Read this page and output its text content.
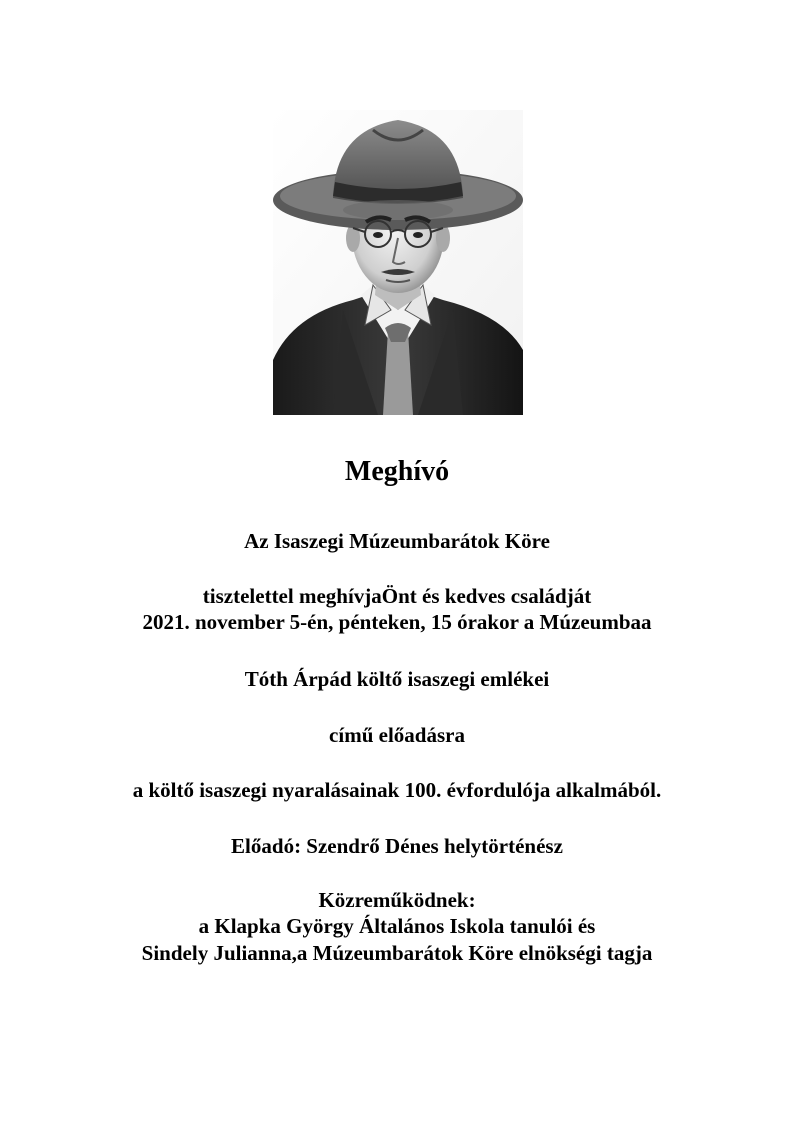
Meghívó
Az Isaszegi Múzeumbarátok Köre
tisztelettel meghívjaÖnt és kedves családját
2021. november 5-én, pénteken, 15 órakor a Múzeumbaa
Tóth Árpád költő isaszegi emlékei
című előadásra
a költő isaszegi nyaralásainak 100. évfordulója alkalmából.
Előadó: Szendrő Dénes helytörténész
Közreműködnek:
a Klapka György Általános Iskola tanulói és
Sindely Julianna,a Múzeumbarátok Köre elnökségi tagja
